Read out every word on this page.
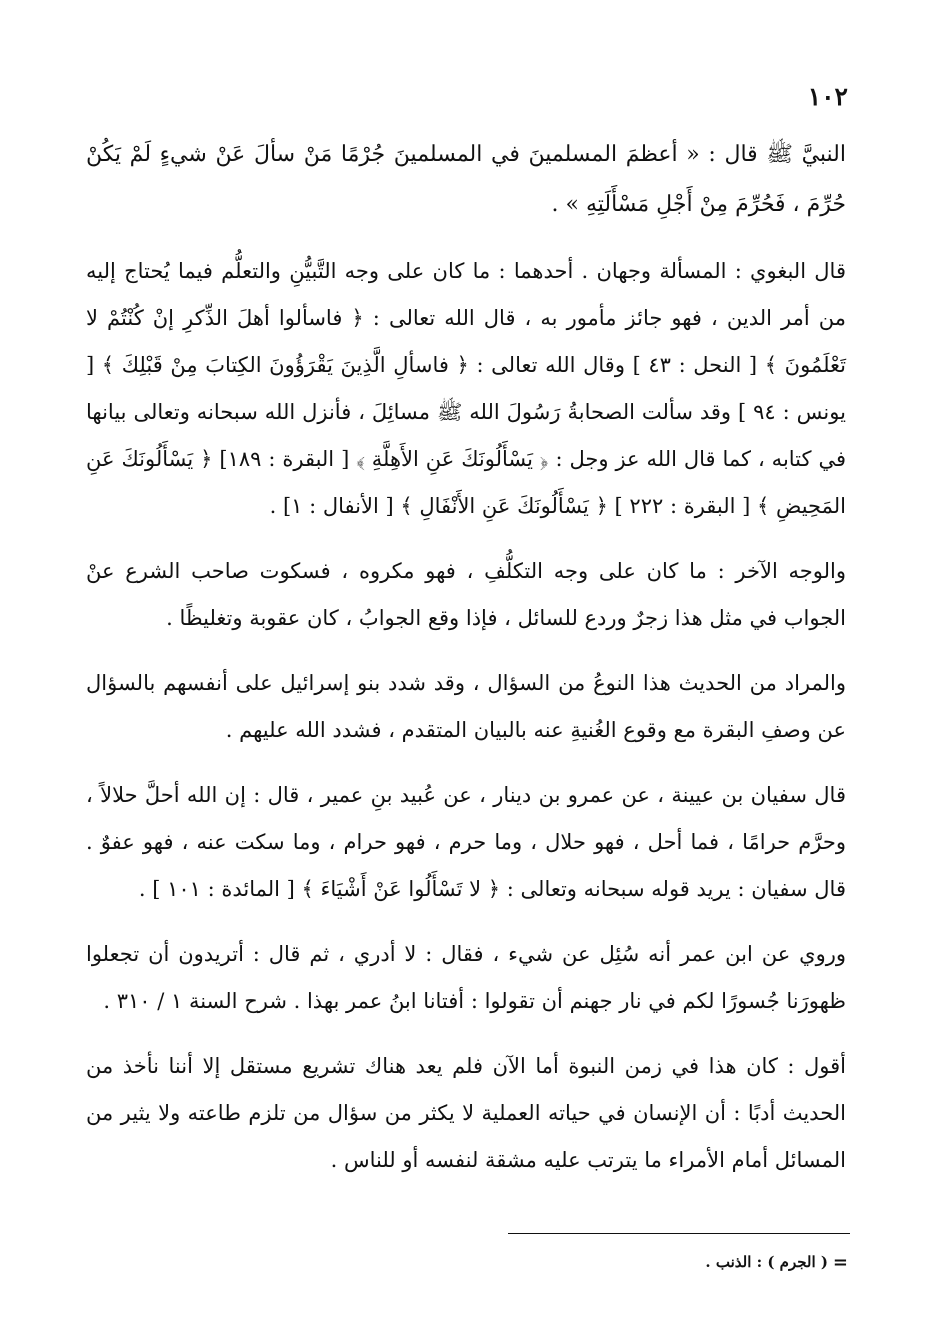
١٠٢

النبيَّ ﷺ قال : « أعظمَ المسلمينَ في المسلمينَ جُرْمًا مَنْ سألَ عَنْ شيءٍ لَمْ يَكُنْ حُرِّمَ ، فَحُرِّمَ مِنْ أَجْلِ مَسْأَلَتِهِ » .

قال البغوي : المسألة وجهان . أحدهما : ما كان على وجه التَّبيُّنِ والتعلُّم فيما يُحتاج إليه من أمر الدين ، فهو جائز مأمور به ، قال الله تعالى : ﴿ فاسألوا أهلَ الذِّكرِ إنْ كُنْتُمْ لا تَعْلَمُونَ ﴾ [ النحل : ٤٣ ] وقال الله تعالى : ﴿ فاسألِ الَّذِينَ يَقْرَؤُونَ الكِتابَ مِنْ قَبْلِكَ ﴾ [ يونس : ٩٤ ] وقد سألت الصحابةُ رَسُولَ الله ﷺ مسائِلَ ، فأنزل الله سبحانه وتعالى بيانها في كتابه ، كما قال الله عز وجل : ﴿ يَسْأَلُونَكَ عَنِ الأَهِلَّةِ ﴾ [ البقرة : ١٨٩] ﴿ يَسْأَلُونَكَ عَنِ المَحِيضِ ﴾ [ البقرة : ٢٢٢ ] ﴿ يَسْأَلُونَكَ عَنِ الأَنْفَالِ ﴾ [ الأنفال : ١] .

والوجه الآخر : ما كان على وجه التكلُّفِ ، فهو مكروه ، فسكوت صاحب الشرع عنْ الجواب في مثل هذا زجرٌ وردع للسائل ، فإذا وقع الجوابُ ، كان عقوبة وتغليظًا .

والمراد من الحديث هذا النوعُ من السؤال ، وقد شدد بنو إسرائيل على أنفسهم بالسؤال عن وصفِ البقرة مع وقوع الغُنيةِ عنه بالبيان المتقدم ، فشدد الله عليهم .

قال سفيان بن عيينة ، عن عمرو بن دينار ، عن عُبيد بنِ عمير ، قال : إن الله أحلَّ حلالاً ، وحرَّم حرامًا ، فما أحل ، فهو حلال ، وما حرم ، فهو حرام ، وما سكت عنه ، فهو عفوٌ . قال سفيان : يريد قوله سبحانه وتعالى : ﴿ لا تَسْأَلُوا عَنْ أَشْيَاءَ ﴾ [ المائدة : ١٠١ ] .

وروي عن ابن عمر أنه سُئِل عن شيء ، فقال : لا أدري ، ثم قال : أتريدون أن تجعلوا ظهورَنا جُسورًا لكم في نار جهنم أن تقولوا : أفتانا ابنُ عمر بهذا . شرح السنة ١ / ٣١٠ .

أقول : كان هذا في زمن النبوة أما الآن فلم يعد هناك تشريع مستقل إلا أننا نأخذ من الحديث أدبًا : أن الإنسان في حياته العملية لا يكثر من سؤال من تلزم طاعته ولا يثير من المسائل أمام الأمراء ما يترتب عليه مشقة لنفسه أو للناس .

=
( الجرم ) : الذنب .
